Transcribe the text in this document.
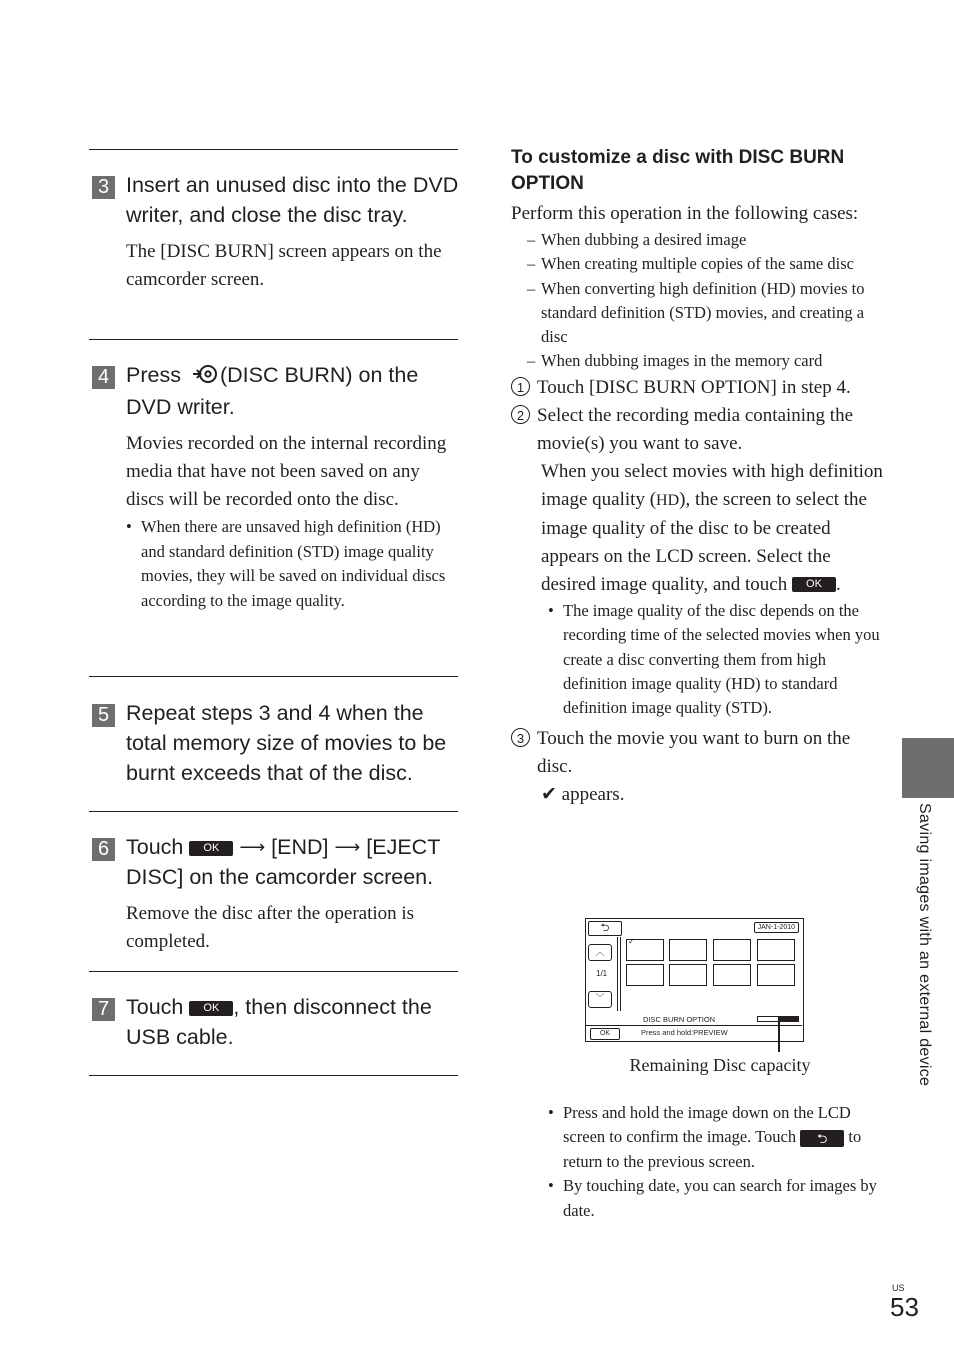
3 Insert an unused disc into the DVD writer, and close the disc tray.
The [DISC BURN] screen appears on the camcorder screen.
4 Press (DISC BURN) on the DVD writer.
Movies recorded on the internal recording media that have not been saved on any discs will be recorded onto the disc.
• When there are unsaved high definition (HD) and standard definition (STD) image quality movies, they will be saved on individual discs according to the image quality.
5 Repeat steps 3 and 4 when the total memory size of movies to be burnt exceeds that of the disc.
6 Touch OK ⟶ [END] ⟶ [EJECT DISC] on the camcorder screen.
Remove the disc after the operation is completed.
7 Touch OK , then disconnect the USB cable.
To customize a disc with DISC BURN OPTION
Perform this operation in the following cases:
– When dubbing a desired image
– When creating multiple copies of the same disc
– When converting high definition (HD) movies to standard definition (STD) movies, and creating a disc
– When dubbing images in the memory card
1 Touch [DISC BURN OPTION] in step 4.
2 Select the recording media containing the movie(s) you want to save.
When you select movies with high definition image quality (HD), the screen to select the image quality of the disc to be created appears on the LCD screen. Select the desired image quality, and touch OK .
• The image quality of the disc depends on the recording time of the selected movies when you create a disc converting them from high definition image quality (HD) to standard definition image quality (STD).
3 Touch the movie you want to burn on the disc.
✔ appears.
⮌	JAN-1-2010
︿
1/1
﹀
✓
DISC BURN OPTION
OK	Press and hold:PREVIEW
Remaining Disc capacity
• Press and hold the image down on the LCD screen to confirm the image. Touch ⮌ to return to the previous screen.
• By touching date, you can search for images by date.
Saving images with an external device
US
53
